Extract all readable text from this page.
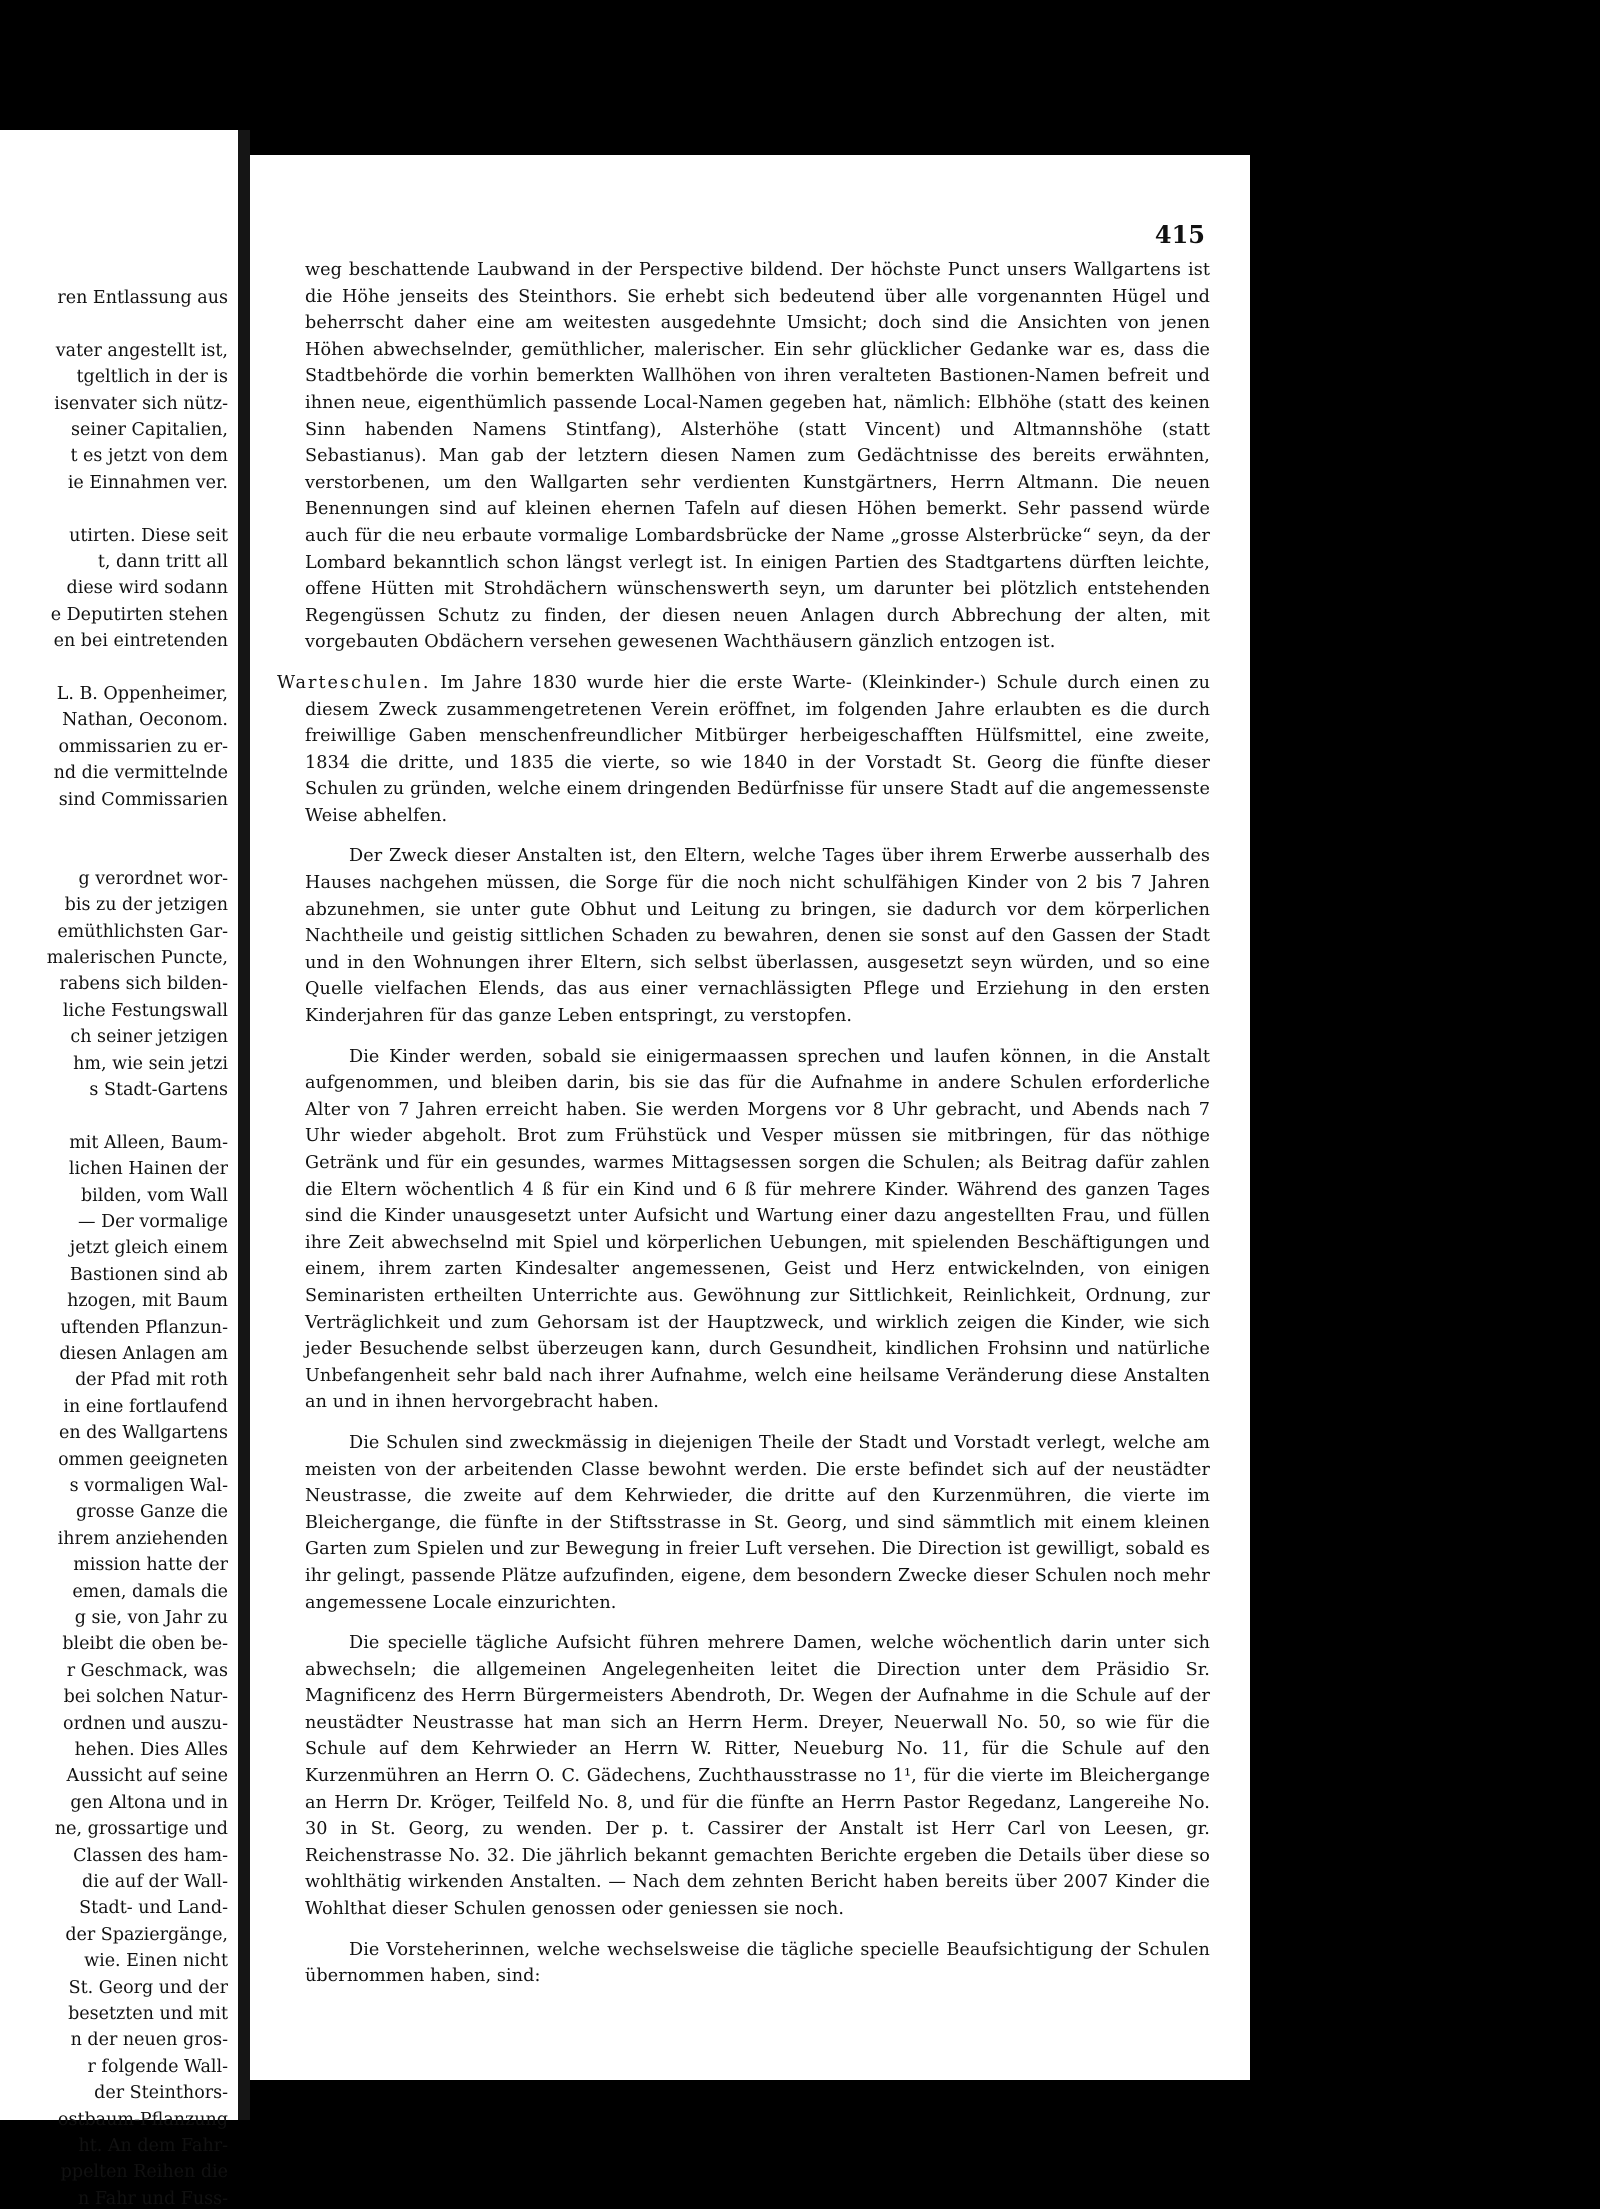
ren Entlassung aus
vater angestellt ist,
tgeltlich in der is
isenvater sich nütz-
seiner Capitalien,
t es jetzt von dem
ie Einnahmen ver.
utirten. Diese seit
t, dann tritt all
diese wird sodann
e Deputirten stehen
en bei eintretenden
L. B. Oppenheimer,
Nathan, Oeconom.
ommissarien zu er-
nd die vermittelnde
sind Commissarien
g verordnet wor-
bis zu der jetzigen
emüthlichsten Gar-
malerischen Puncte,
rabens sich bilden-
liche Festungswall
ch seiner jetzigen
hm, wie sein jetzi
s Stadt-Gartens
mit Alleen, Baum-
lichen Hainen der
bilden, vom Wall
— Der vormalige
jetzt gleich einem
Bastionen sind ab
hzogen, mit Baum
uftenden Pflanzun-
diesen Anlagen am
der Pfad mit roth
in eine fortlaufend
en des Wallgartens
ommen geeigneten
s vormaligen Wal-
grosse Ganze die
ihrem anziehenden
mission hatte der
emen, damals die
g sie, von Jahr zu
bleibt die oben be-
r Geschmack, was
bei solchen Natur-
ordnen und auszu-
hehen. Dies Alles
Aussicht auf seine
gen Altona und in
ne, grossartige und
Classen des ham-
die auf der Wall-
Stadt- und Land-
der Spaziergänge,
wie. Einen nicht
St. Georg und der
besetzten und mit
n der neuen gros-
r folgende Wall-
der Steinthors-
ostbaum-Pflanzung
ht. An dem Fahr-
ppelten Reihen die
n Fahr und Fuss-
415

weg beschattende Laubwand in der Perspective bildend. Der höchste Punct unsers Wallgartens ist die Höhe jenseits des Steinthors. Sie erhebt sich bedeutend über alle vorgenannten Hügel und beherrscht daher eine am weitesten ausgedehnte Umsicht; doch sind die Ansichten von jenen Höhen abwechselnder, gemüthlicher, malerischer. Ein sehr glücklicher Gedanke war es, dass die Stadtbehörde die vorhin bemerkten Wallhöhen von ihren veralteten Bastionen-Namen befreit und ihnen neue, eigenthümlich passende Local-Namen gegeben hat, nämlich: Elbhöhe (statt des keinen Sinn habenden Namens Stintfang), Alsterhöhe (statt Vincent) und Altmannshöhe (statt Sebastianus). Man gab der letztern diesen Namen zum Gedächtnisse des bereits erwähnten, verstorbenen, um den Wallgarten sehr verdienten Kunstgärtners, Herrn Altmann. Die neuen Benennungen sind auf kleinen ehernen Tafeln auf diesen Höhen bemerkt. Sehr passend würde auch für die neu erbaute vormalige Lombardsbrücke der Name „grosse Alsterbrücke“ seyn, da der Lombard bekanntlich schon längst verlegt ist. In einigen Partien des Stadtgartens dürften leichte, offene Hütten mit Strohdächern wünschenswerth seyn, um darunter bei plötzlich entstehenden Regengüssen Schutz zu finden, der diesen neuen Anlagen durch Abbrechung der alten, mit vorgebauten Obdächern versehen gewesenen Wachthäusern gänzlich entzogen ist.

Warteschulen. Im Jahre 1830 wurde hier die erste Warte- (Kleinkinder-) Schule durch einen zu diesem Zweck zusammengetretenen Verein eröffnet, im folgenden Jahre erlaubten es die durch freiwillige Gaben menschenfreundlicher Mitbürger herbeigeschafften Hülfsmittel, eine zweite, 1834 die dritte, und 1835 die vierte, so wie 1840 in der Vorstadt St. Georg die fünfte dieser Schulen zu gründen, welche einem dringenden Bedürfnisse für unsere Stadt auf die angemessenste Weise abhelfen.

Der Zweck dieser Anstalten ist, den Eltern, welche Tages über ihrem Erwerbe ausserhalb des Hauses nachgehen müssen, die Sorge für die noch nicht schulfähigen Kinder von 2 bis 7 Jahren abzunehmen, sie unter gute Obhut und Leitung zu bringen, sie dadurch vor dem körperlichen Nachtheile und geistig sittlichen Schaden zu bewahren, denen sie sonst auf den Gassen der Stadt und in den Wohnungen ihrer Eltern, sich selbst überlassen, ausgesetzt seyn würden, und so eine Quelle vielfachen Elends, das aus einer vernachlässigten Pflege und Erziehung in den ersten Kinderjahren für das ganze Leben entspringt, zu verstopfen.

Die Kinder werden, sobald sie einigermaassen sprechen und laufen können, in die Anstalt aufgenommen, und bleiben darin, bis sie das für die Aufnahme in andere Schulen erforderliche Alter von 7 Jahren erreicht haben. Sie werden Morgens vor 8 Uhr gebracht, und Abends nach 7 Uhr wieder abgeholt. Brot zum Frühstück und Vesper müssen sie mitbringen, für das nöthige Getränk und für ein gesundes, warmes Mittagsessen sorgen die Schulen; als Beitrag dafür zahlen die Eltern wöchentlich 4 ß für ein Kind und 6 ß für mehrere Kinder. Während des ganzen Tages sind die Kinder unausgesetzt unter Aufsicht und Wartung einer dazu angestellten Frau, und füllen ihre Zeit abwechselnd mit Spiel und körperlichen Uebungen, mit spielenden Beschäftigungen und einem, ihrem zarten Kindesalter angemessenen, Geist und Herz entwickelnden, von einigen Seminaristen ertheilten Unterrichte aus. Gewöhnung zur Sittlichkeit, Reinlichkeit, Ordnung, zur Verträglichkeit und zum Gehorsam ist der Hauptzweck, und wirklich zeigen die Kinder, wie sich jeder Besuchende selbst überzeugen kann, durch Gesundheit, kindlichen Frohsinn und natürliche Unbefangenheit sehr bald nach ihrer Aufnahme, welch eine heilsame Veränderung diese Anstalten an und in ihnen hervorgebracht haben.

Die Schulen sind zweckmässig in diejenigen Theile der Stadt und Vorstadt verlegt, welche am meisten von der arbeitenden Classe bewohnt werden. Die erste befindet sich auf der neustädter Neustrasse, die zweite auf dem Kehrwieder, die dritte auf den Kurzenmühren, die vierte im Bleichergange, die fünfte in der Stiftsstrasse in St. Georg, und sind sämmtlich mit einem kleinen Garten zum Spielen und zur Bewegung in freier Luft versehen. Die Direction ist gewilligt, sobald es ihr gelingt, passende Plätze aufzufinden, eigene, dem besondern Zwecke dieser Schulen noch mehr angemessene Locale einzurichten.

Die specielle tägliche Aufsicht führen mehrere Damen, welche wöchentlich darin unter sich abwechseln; die allgemeinen Angelegenheiten leitet die Direction unter dem Präsidio Sr. Magnificenz des Herrn Bürgermeisters Abendroth, Dr. Wegen der Aufnahme in die Schule auf der neustädter Neustrasse hat man sich an Herrn Herm. Dreyer, Neuerwall No. 50, so wie für die Schule auf dem Kehrwieder an Herrn W. Ritter, Neueburg No. 11, für die Schule auf den Kurzenmühren an Herrn O. C. Gädechens, Zuchthausstrasse no 1¹, für die vierte im Bleichergange an Herrn Dr. Kröger, Teilfeld No. 8, und für die fünfte an Herrn Pastor Regedanz, Langereihe No. 30 in St. Georg, zu wenden. Der p. t. Cassirer der Anstalt ist Herr Carl von Leesen, gr. Reichenstrasse No. 32. Die jährlich bekannt gemachten Berichte ergeben die Details über diese so wohlthätig wirkenden Anstalten. — Nach dem zehnten Bericht haben bereits über 2007 Kinder die Wohlthat dieser Schulen genossen oder geniessen sie noch.

Die Vorsteherinnen, welche wechselsweise die tägliche specielle Beaufsichtigung der Schulen übernommen haben, sind:
